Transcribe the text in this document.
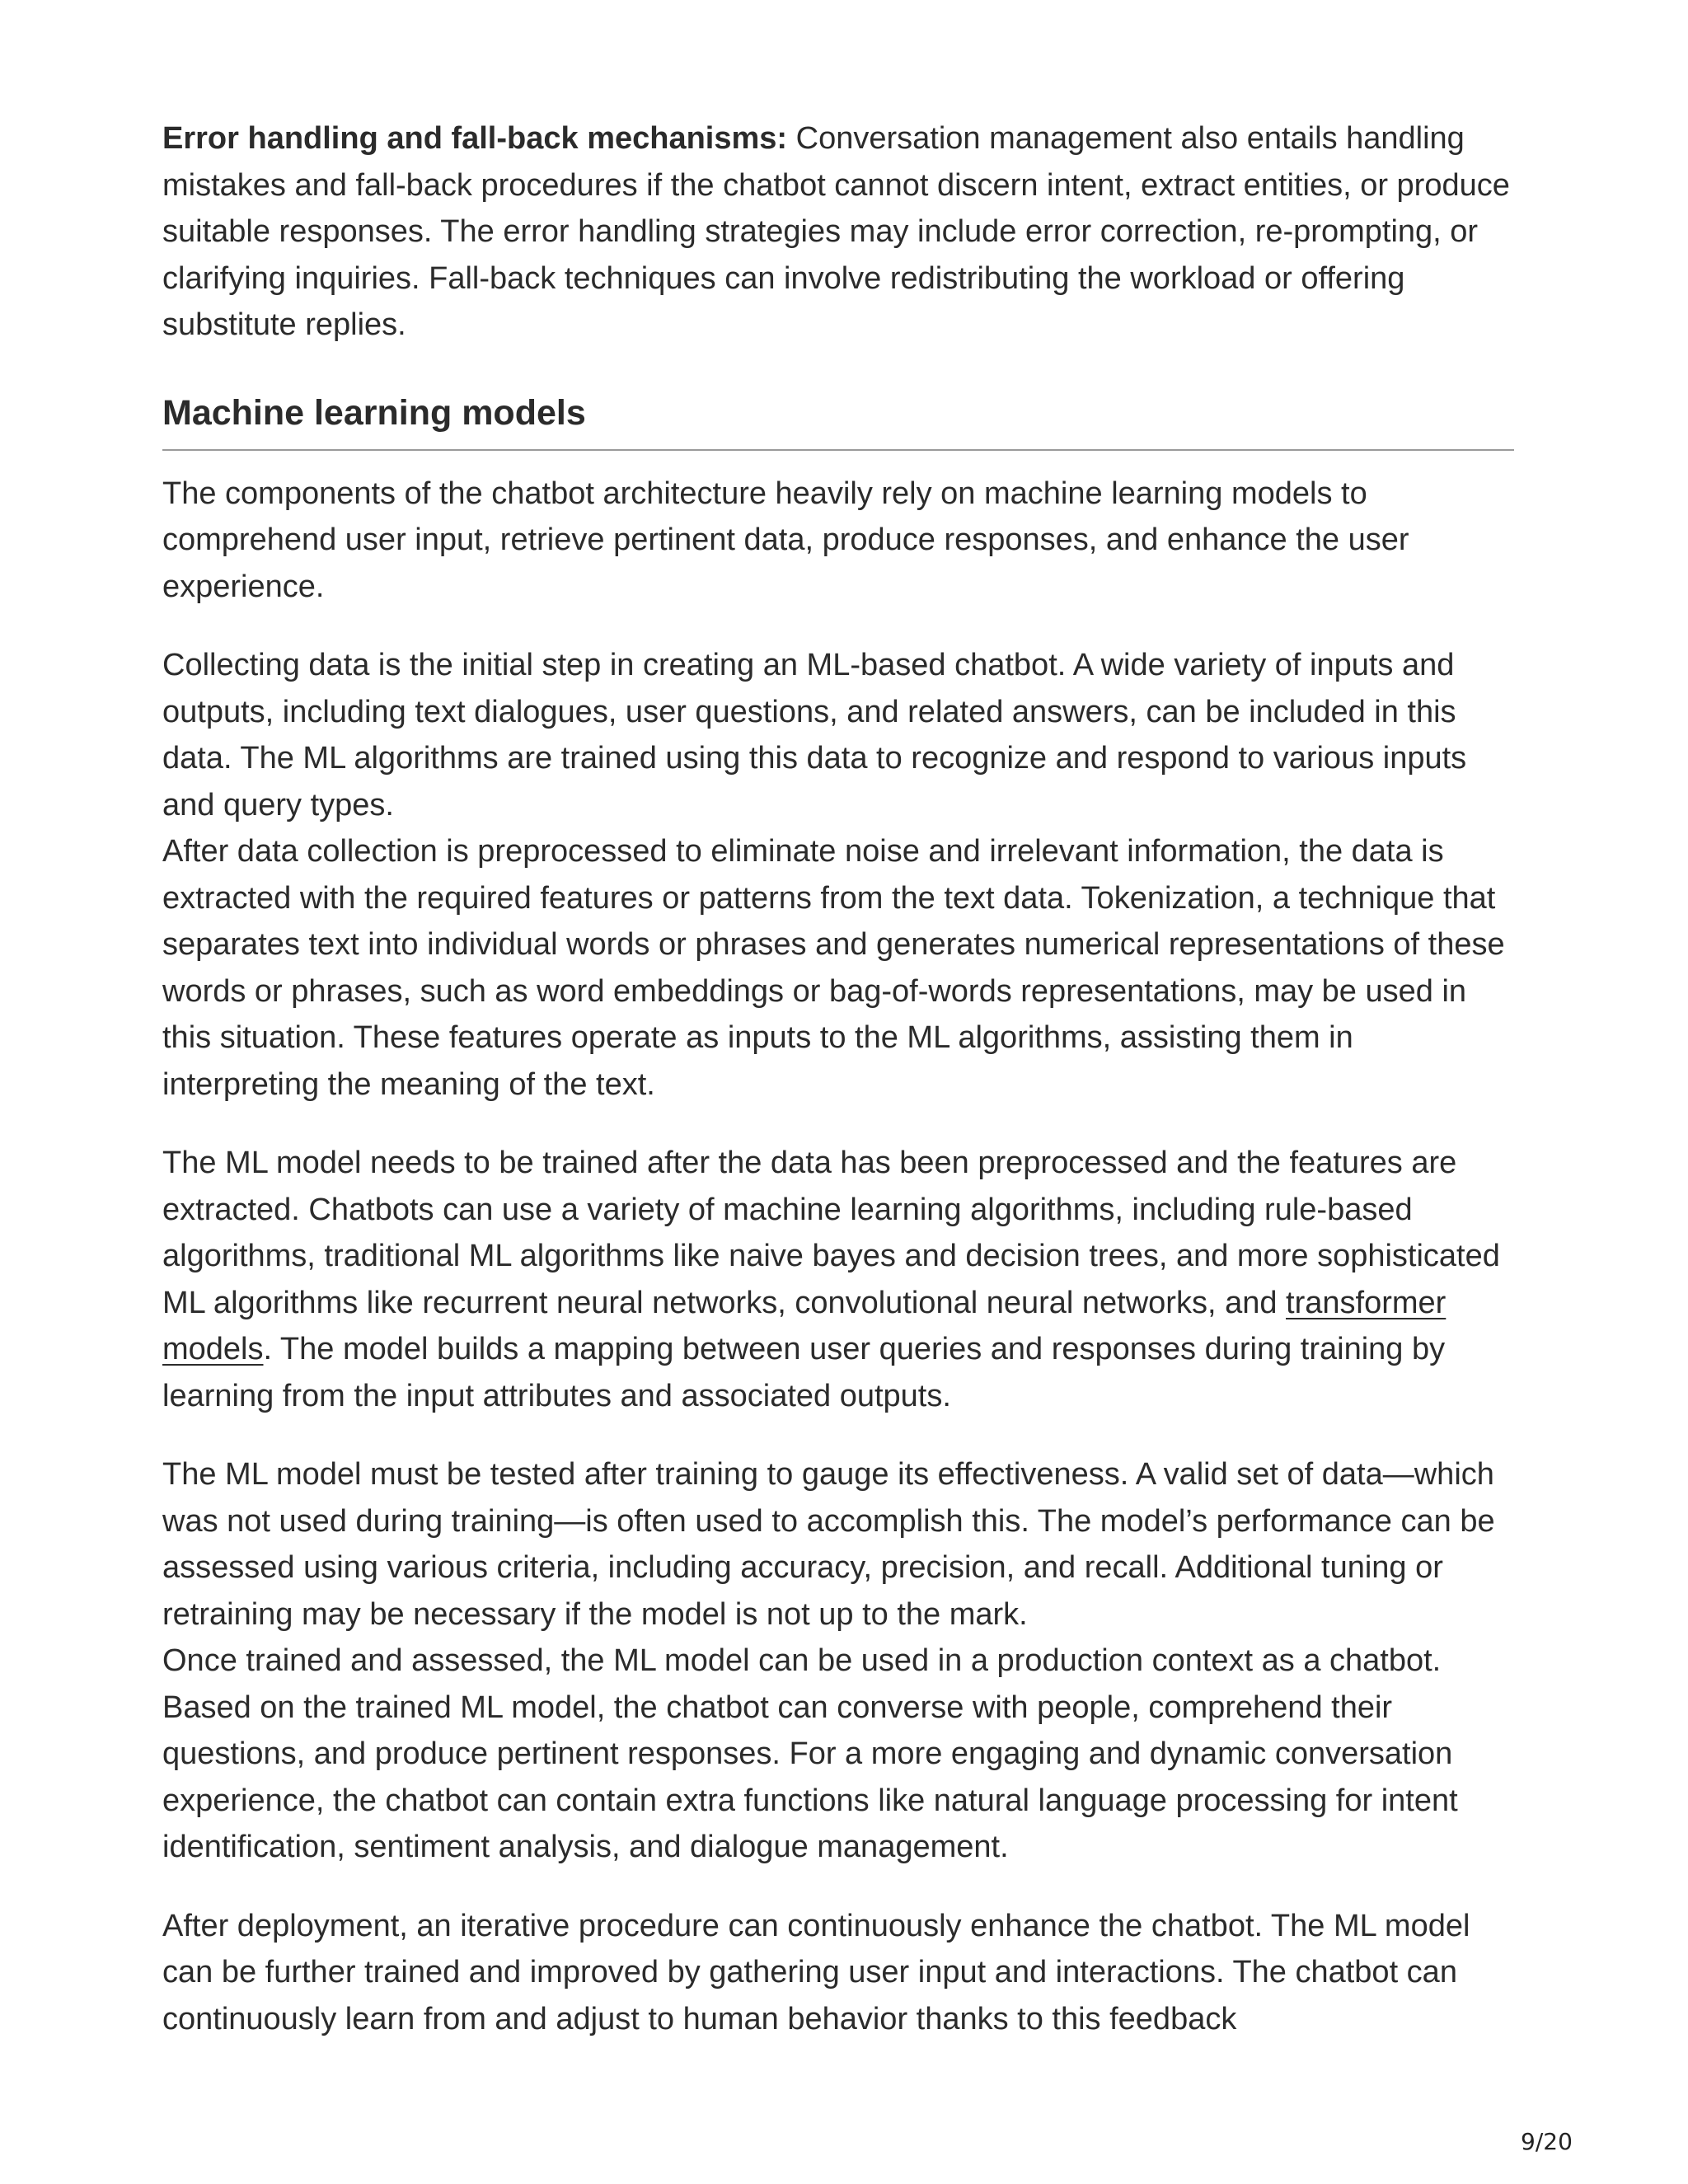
Error handling and fall-back mechanisms: Conversation management also entails handling mistakes and fall-back procedures if the chatbot cannot discern intent, extract entities, or produce suitable responses. The error handling strategies may include error correction, re-prompting, or clarifying inquiries. Fall-back techniques can involve redistributing the workload or offering substitute replies.

Machine learning models

The components of the chatbot architecture heavily rely on machine learning models to comprehend user input, retrieve pertinent data, produce responses, and enhance the user experience.

Collecting data is the initial step in creating an ML-based chatbot. A wide variety of inputs and outputs, including text dialogues, user questions, and related answers, can be included in this data. The ML algorithms are trained using this data to recognize and respond to various inputs and query types.

After data collection is preprocessed to eliminate noise and irrelevant information, the data is extracted with the required features or patterns from the text data. Tokenization, a technique that separates text into individual words or phrases and generates numerical representations of these words or phrases, such as word embeddings or bag-of-words representations, may be used in this situation. These features operate as inputs to the ML algorithms, assisting them in interpreting the meaning of the text.

The ML model needs to be trained after the data has been preprocessed and the features are extracted. Chatbots can use a variety of machine learning algorithms, including rule-based algorithms, traditional ML algorithms like naive bayes and decision trees, and more sophisticated ML algorithms like recurrent neural networks, convolutional neural networks, and transformer models. The model builds a mapping between user queries and responses during training by learning from the input attributes and associated outputs.

The ML model must be tested after training to gauge its effectiveness. A valid set of data—which was not used during training—is often used to accomplish this. The model’s performance can be assessed using various criteria, including accuracy, precision, and recall. Additional tuning or retraining may be necessary if the model is not up to the mark.

Once trained and assessed, the ML model can be used in a production context as a chatbot. Based on the trained ML model, the chatbot can converse with people, comprehend their questions, and produce pertinent responses. For a more engaging and dynamic conversation experience, the chatbot can contain extra functions like natural language processing for intent identification, sentiment analysis, and dialogue management.

After deployment, an iterative procedure can continuously enhance the chatbot. The ML model can be further trained and improved by gathering user input and interactions. The chatbot can continuously learn from and adjust to human behavior thanks to this feedback

9/20
